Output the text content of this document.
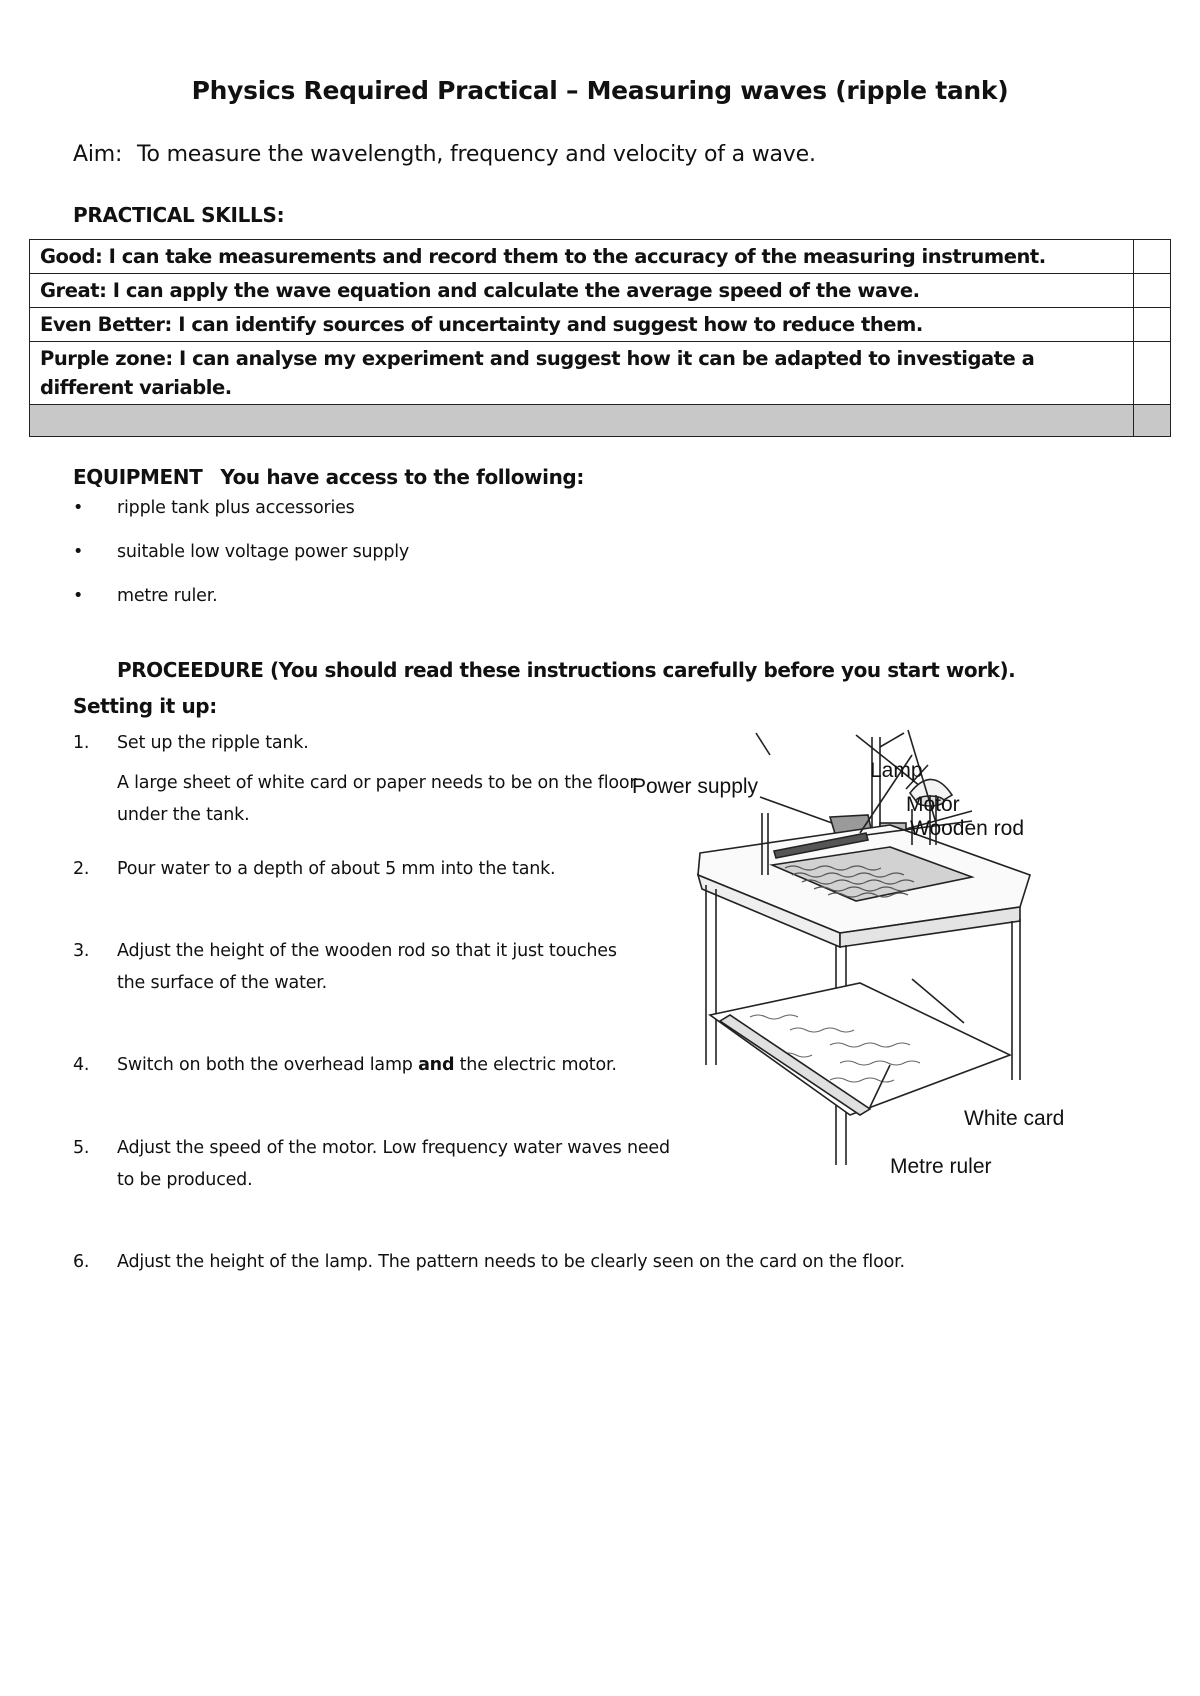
Physics Required Practical – Measuring waves (ripple tank)
Aim: To measure the wavelength, frequency and velocity of a wave.
PRACTICAL SKILLS:
Good: I can take measurements and record them to the accuracy of the measuring instrument.	
Great: I can apply the wave equation and calculate the average speed of the wave.	
Even Better: I can identify sources of uncertainty and suggest how to reduce them.	
Purple zone: I can analyse my experiment and suggest how it can be adapted to investigate a different variable.	

EQUIPMENT You have access to the following:
• ripple tank plus accessories
• suitable low voltage power supply
• metre ruler.
PROCEEDURE (You should read these instructions carefully before you start work).
Setting it up:
1. Set up the ripple tank.
A large sheet of white card or paper needs to be on the floor under the tank.
2. Pour water to a depth of about 5 mm into the tank.
3. Adjust the height of the wooden rod so that it just touches the surface of the water.
4. Switch on both the overhead lamp and the electric motor.
5. Adjust the speed of the motor. Low frequency water waves need to be produced.
6. Adjust the height of the lamp. The pattern needs to be clearly seen on the card on the floor.
Power supply
Lamp
Motor
Wooden rod
White card
Metre ruler
